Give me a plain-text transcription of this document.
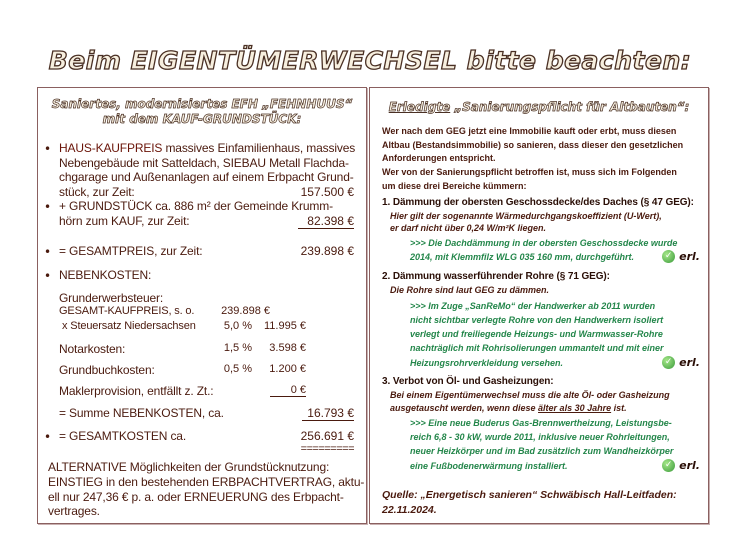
Beim EIGENTÜMERWECHSEL bitte beachten:
Saniertes, modernisiertes EFH „FEHNHUUS“
mit dem KAUF-GRUNDSTÜCK:
• HAUS-KAUFPREIS massives Einfamilienhaus, massives
Nebengebäude mit Satteldach, SIEBAU Metall Flachda-
chgarage und Außenanlagen auf einem Erbpacht Grund-
stück, zur Zeit:	157.500 €
• + GRUNDSTÜCK ca. 886 m² der Gemeinde Krumm-
hörn zum KAUF, zur Zeit:	82.398 €
• = GESAMTPREIS, zur Zeit:	239.898 €
• NEBENKOSTEN:
Grunderwerbsteuer:
GESAMT-KAUFPREIS, s. o.	239.898 €
x Steuersatz Niedersachsen	5,0 %	11.995 €
Notarkosten:	1,5 %	3.598 €
Grundbuchkosten:	0,5 %	1.200 €
Maklerprovision, entfällt z. Zt.:	0 €
= Summe NEBENKOSTEN, ca.	16.793 €
• = GESAMTKOSTEN ca.	256.691 €
=========
ALTERNATIVE Möglichkeiten der Grundstücknutzung:
EINSTIEG in den bestehenden ERBPACHTVERTRAG, aktu-
ell nur 247,36 € p. a. oder ERNEUERUNG des Erbpacht-
vertrages.
Erledigte „Sanierungspflicht für Altbauten“:
Wer nach dem GEG jetzt eine Immobilie kauft oder erbt, muss diesen
Altbau (Bestandsimmobilie) so sanieren, dass dieser den gesetzlichen
Anforderungen entspricht.
Wer von der Sanierungspflicht betroffen ist, muss sich im Folgenden
um diese drei Bereiche kümmern:
1. Dämmung der obersten Geschossdecke/des Daches (§ 47 GEG):
Hier gilt der sogenannte Wärmedurchgangskoeffizient (U-Wert),
er darf nicht über 0,24 W/m²K liegen.
>>> Die Dachdämmung in der obersten Geschossdecke wurde
2014, mit Klemmfilz WLG 035 160 mm, durchgeführt.	✓ erl.
2. Dämmung wasserführender Rohre (§ 71 GEG):
Die Rohre sind laut GEG zu dämmen.
>>> Im Zuge „SanReMo“ der Handwerker ab 2011 wurden
nicht sichtbar verlegte Rohre von den Handwerkern isoliert
verlegt und freiliegende Heizungs- und Warmwasser-Rohre
nachträglich mit Rohrisolierungen ummantelt und mit einer
Heizungsrohrverkleidung versehen.	✓ erl.
3. Verbot von Öl- und Gasheizungen:
Bei einem Eigentümerwechsel muss die alte Öl- oder Gasheizung
ausgetauscht werden, wenn diese älter als 30 Jahre ist.
>>> Eine neue Buderus Gas-Brennwertheizung, Leistungsbe-
reich 6,8 - 30 kW, wurde 2011, inklusive neuer Rohrleitungen,
neuer Heizkörper und im Bad zusätzlich zum Wandheizkörper
eine Fußbodenerwärmung installiert.	✓ erl.
Quelle: „Energetisch sanieren“ Schwäbisch Hall-Leitfaden:
22.11.2024.
